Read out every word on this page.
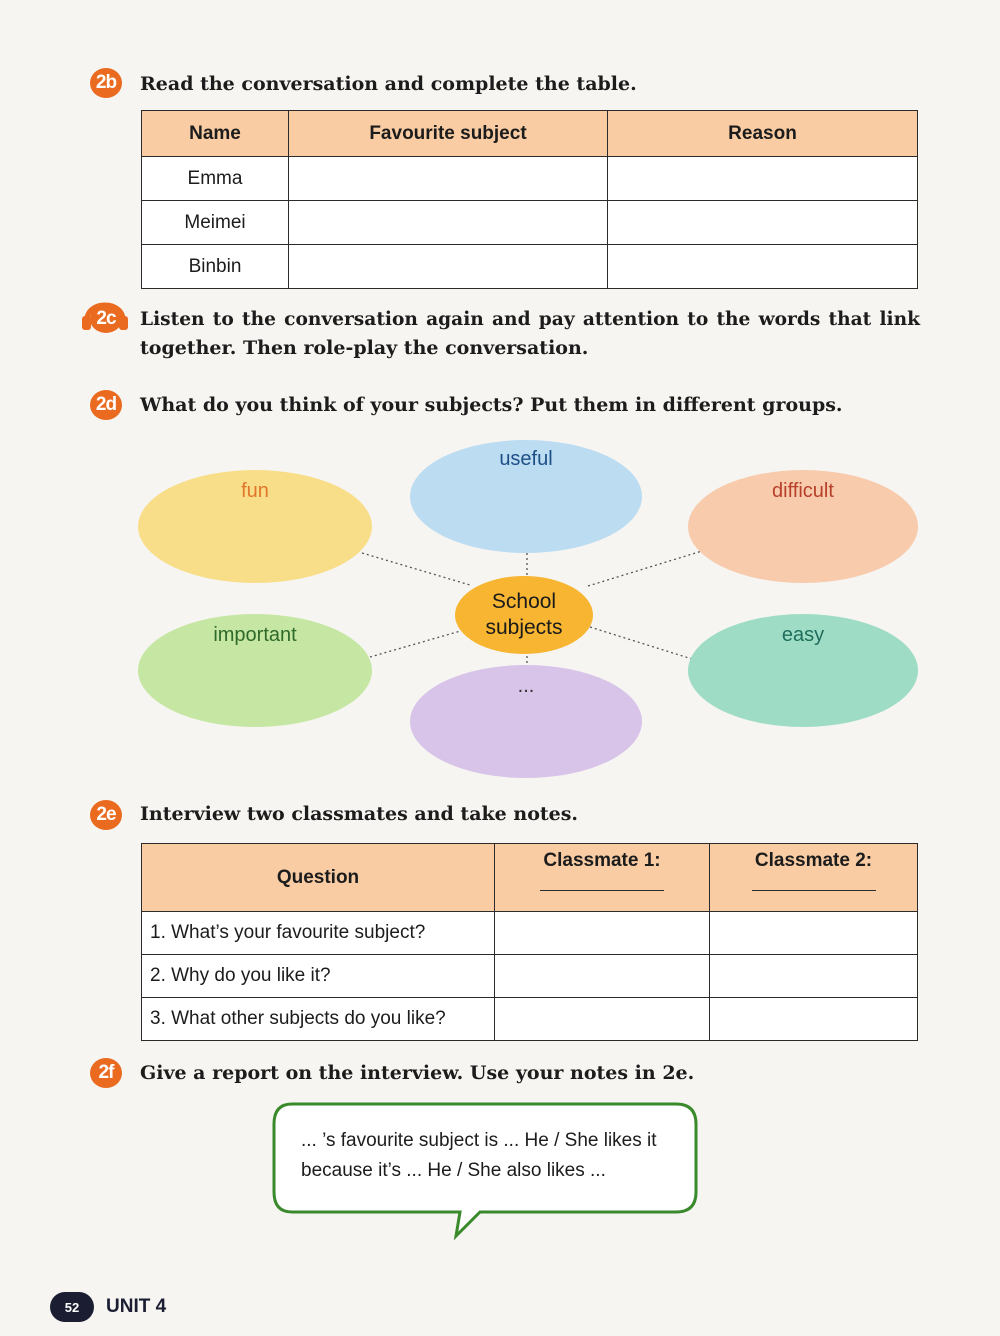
2b	Read the conversation and complete the table.
Name	Favourite subject	Reason
Emma		
Meimei		
Binbin		
2c	Listen to the conversation again and pay attention to the words that link
together. Then role-play the conversation.
2d	What do you think of your subjects? Put them in different groups.
fun
useful
difficult
important
...
easy
School
subjects
2e	Interview two classmates and take notes.
Question	Classmate 1:	Classmate 2:

1. What’s your favourite subject?		
2. Why do you like it?		
3. What other subjects do you like?		
2f	Give a report on the interview. Use your notes in 2e.
... ’s favourite subject is ... He / She likes it
because it’s ... He / She also likes ...
52	UNIT 4
